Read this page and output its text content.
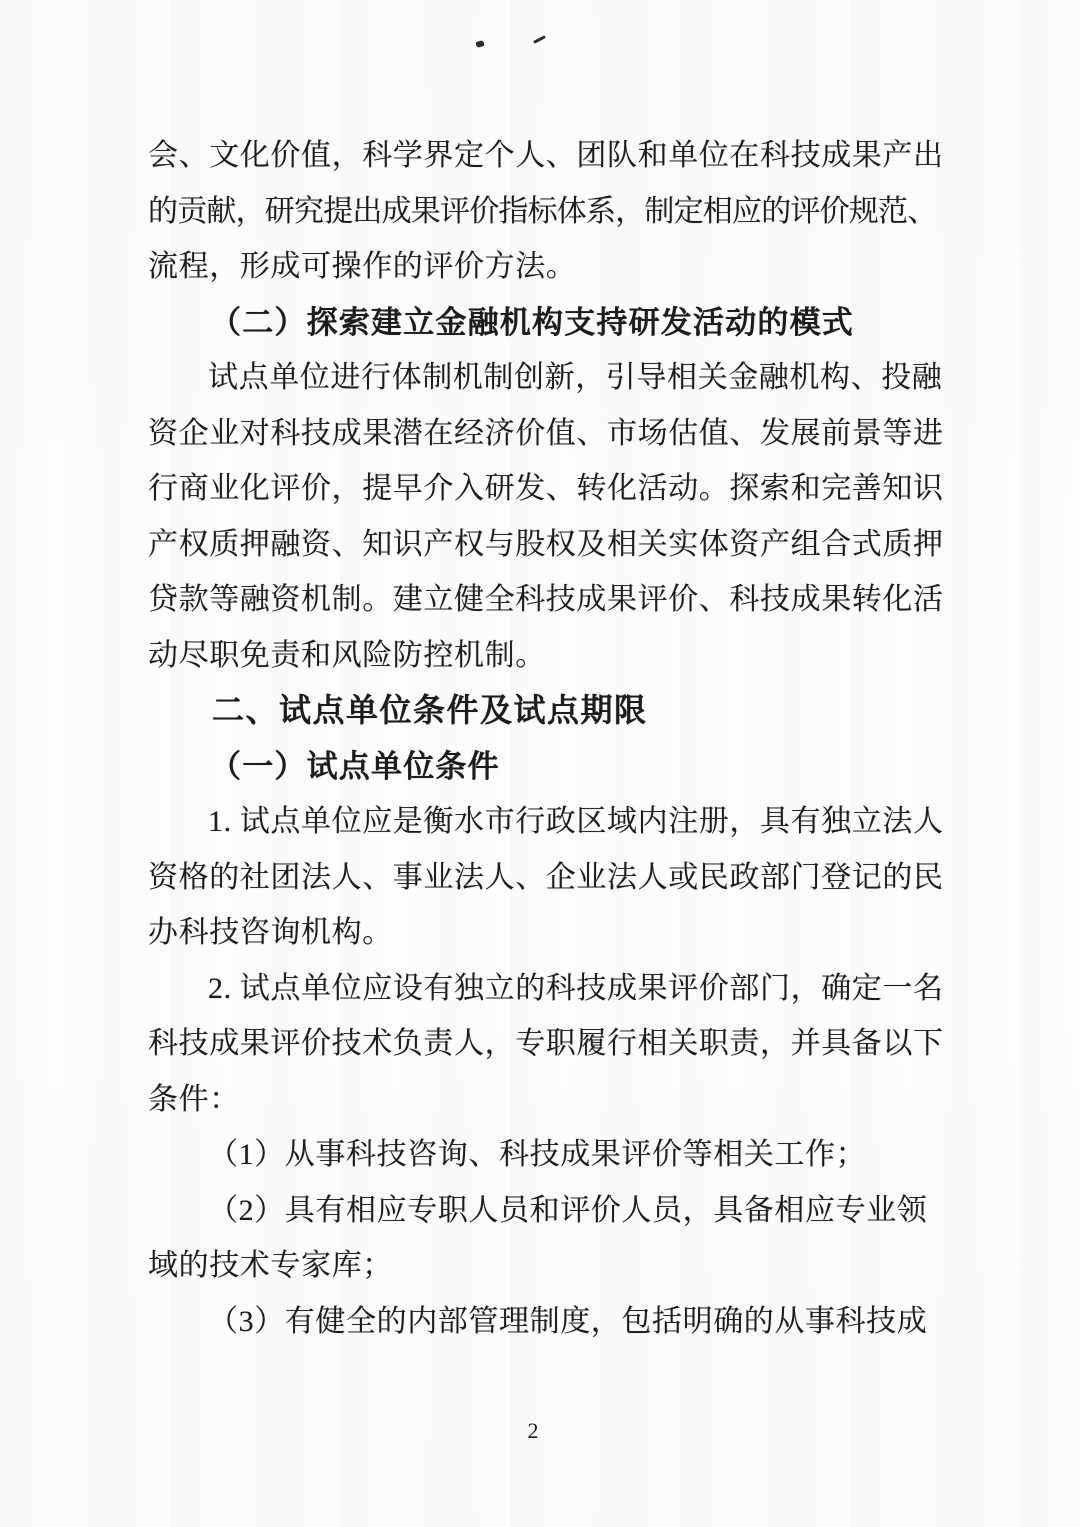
会、文化价值，科学界定个人、团队和单位在科技成果产出
的贡献，研究提出成果评价指标体系，制定相应的评价规范、
流程，形成可操作的评价方法。
（二）探索建立金融机构支持研发活动的模式
试点单位进行体制机制创新，引导相关金融机构、投融
资企业对科技成果潜在经济价值、市场估值、发展前景等进
行商业化评价，提早介入研发、转化活动。探索和完善知识
产权质押融资、知识产权与股权及相关实体资产组合式质押
贷款等融资机制。建立健全科技成果评价、科技成果转化活
动尽职免责和风险防控机制。
二、试点单位条件及试点期限
（一）试点单位条件
1. 试点单位应是衡水市行政区域内注册，具有独立法人
资格的社团法人、事业法人、企业法人或民政部门登记的民
办科技咨询机构。
2. 试点单位应设有独立的科技成果评价部门，确定一名
科技成果评价技术负责人，专职履行相关职责，并具备以下
条件：
（1）从事科技咨询、科技成果评价等相关工作；
（2）具有相应专职人员和评价人员，具备相应专业领
域的技术专家库；
（3）有健全的内部管理制度，包括明确的从事科技成
2
